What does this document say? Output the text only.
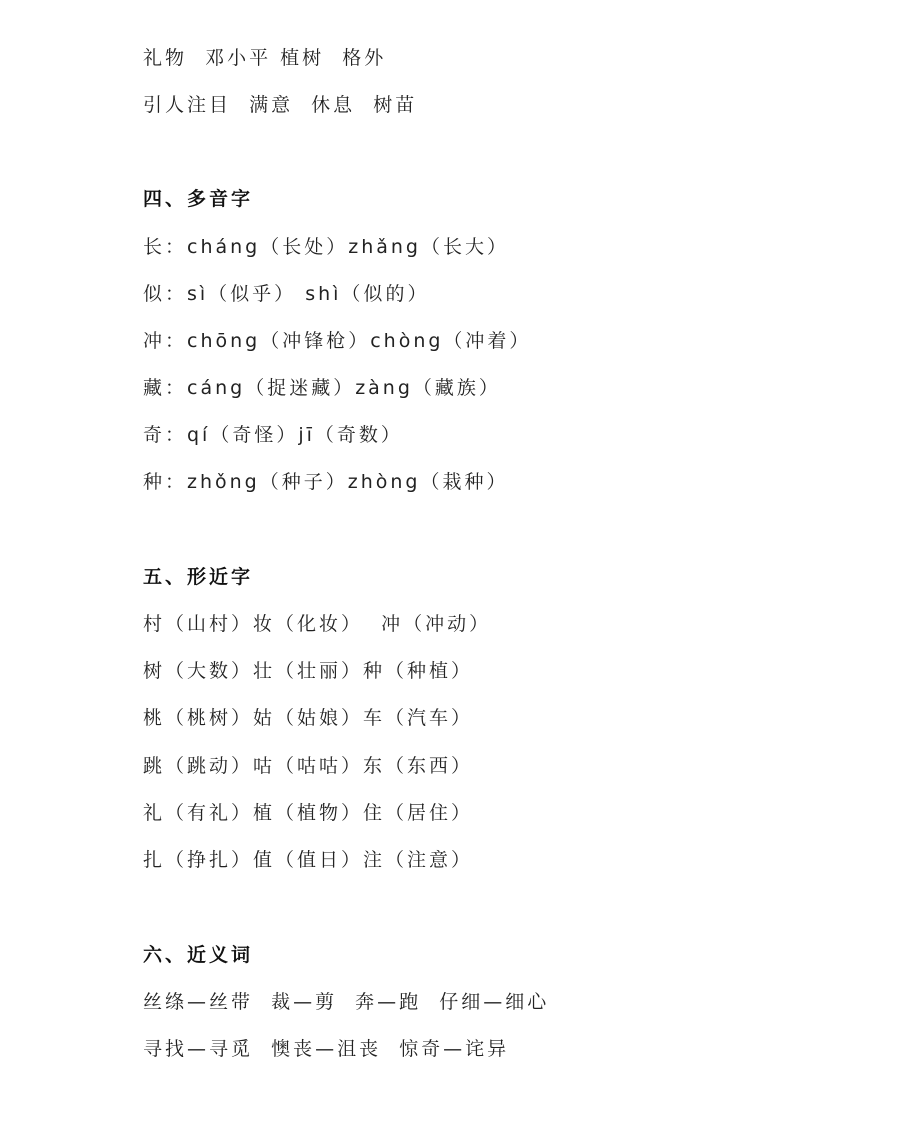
礼物  邓小平 植树  格外
引人注目  满意  休息  树苗
四、多音字
长：cháng（长处）zhǎng（长大）
似：sì（似乎） shì（似的）
冲：chōng（冲锋枪）chòng（冲着）
藏：cáng（捉迷藏）zàng（藏族）
奇：qí（奇怪）jī（奇数）
种：zhǒng（种子）zhòng（栽种）
五、形近字
村（山村）妆（化妆）  冲（冲动）
树（大数）壮（壮丽）种（种植）
桃（桃树）姑（姑娘）车（汽车）
跳（跳动）咕（咕咕）东（东西）
礼（有礼）植（植物）住（居住）
扎（挣扎）值（值日）注（注意）
六、近义词
丝绦—丝带  裁—剪  奔—跑  仔细—细心
寻找—寻觅  懊丧—沮丧  惊奇—诧异
